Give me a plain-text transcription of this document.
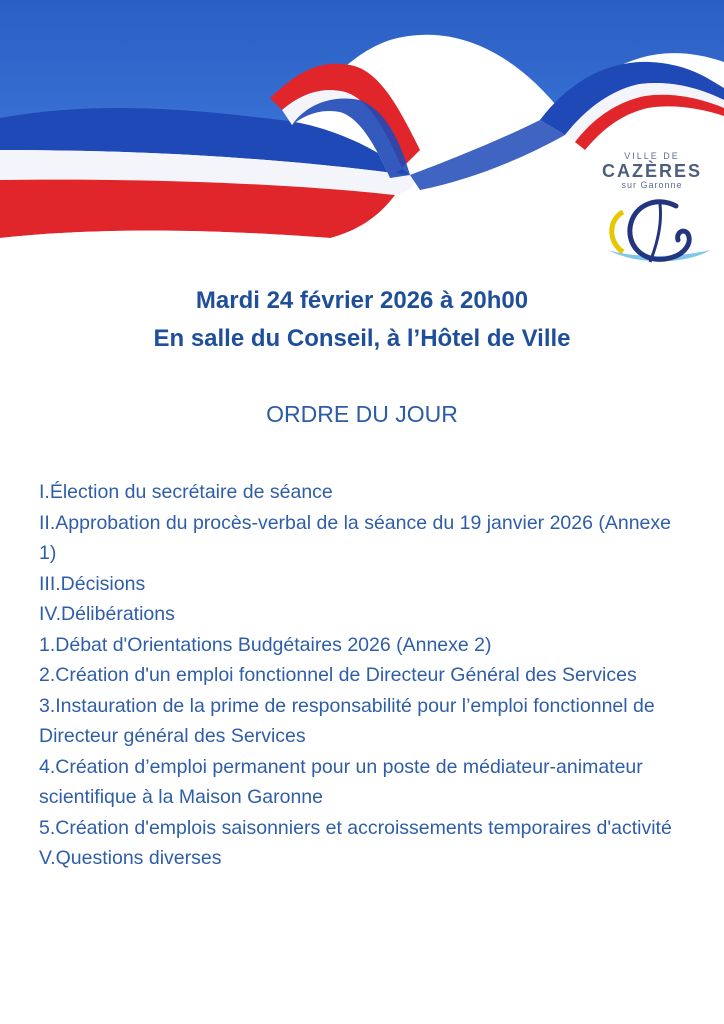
VILLE DE
CAZÈRES
sur Garonne
Mardi 24 février 2026 à 20h00
En salle du Conseil, à l’Hôtel de Ville
ORDRE DU JOUR
I.Élection du secrétaire de séance
II.Approbation du procès-verbal de la séance du 19 janvier 2026 (Annexe 1)
III.Décisions
IV.Délibérations
1.Débat d'Orientations Budgétaires 2026 (Annexe 2)
2.Création d'un emploi fonctionnel de Directeur Général des Services
3.Instauration de la prime de responsabilité pour l’emploi fonctionnel de Directeur général des Services
4.Création d’emploi permanent pour un poste de médiateur-animateur scientifique à la Maison Garonne
5.Création d'emplois saisonniers et accroissements temporaires d'activité
V.Questions diverses
